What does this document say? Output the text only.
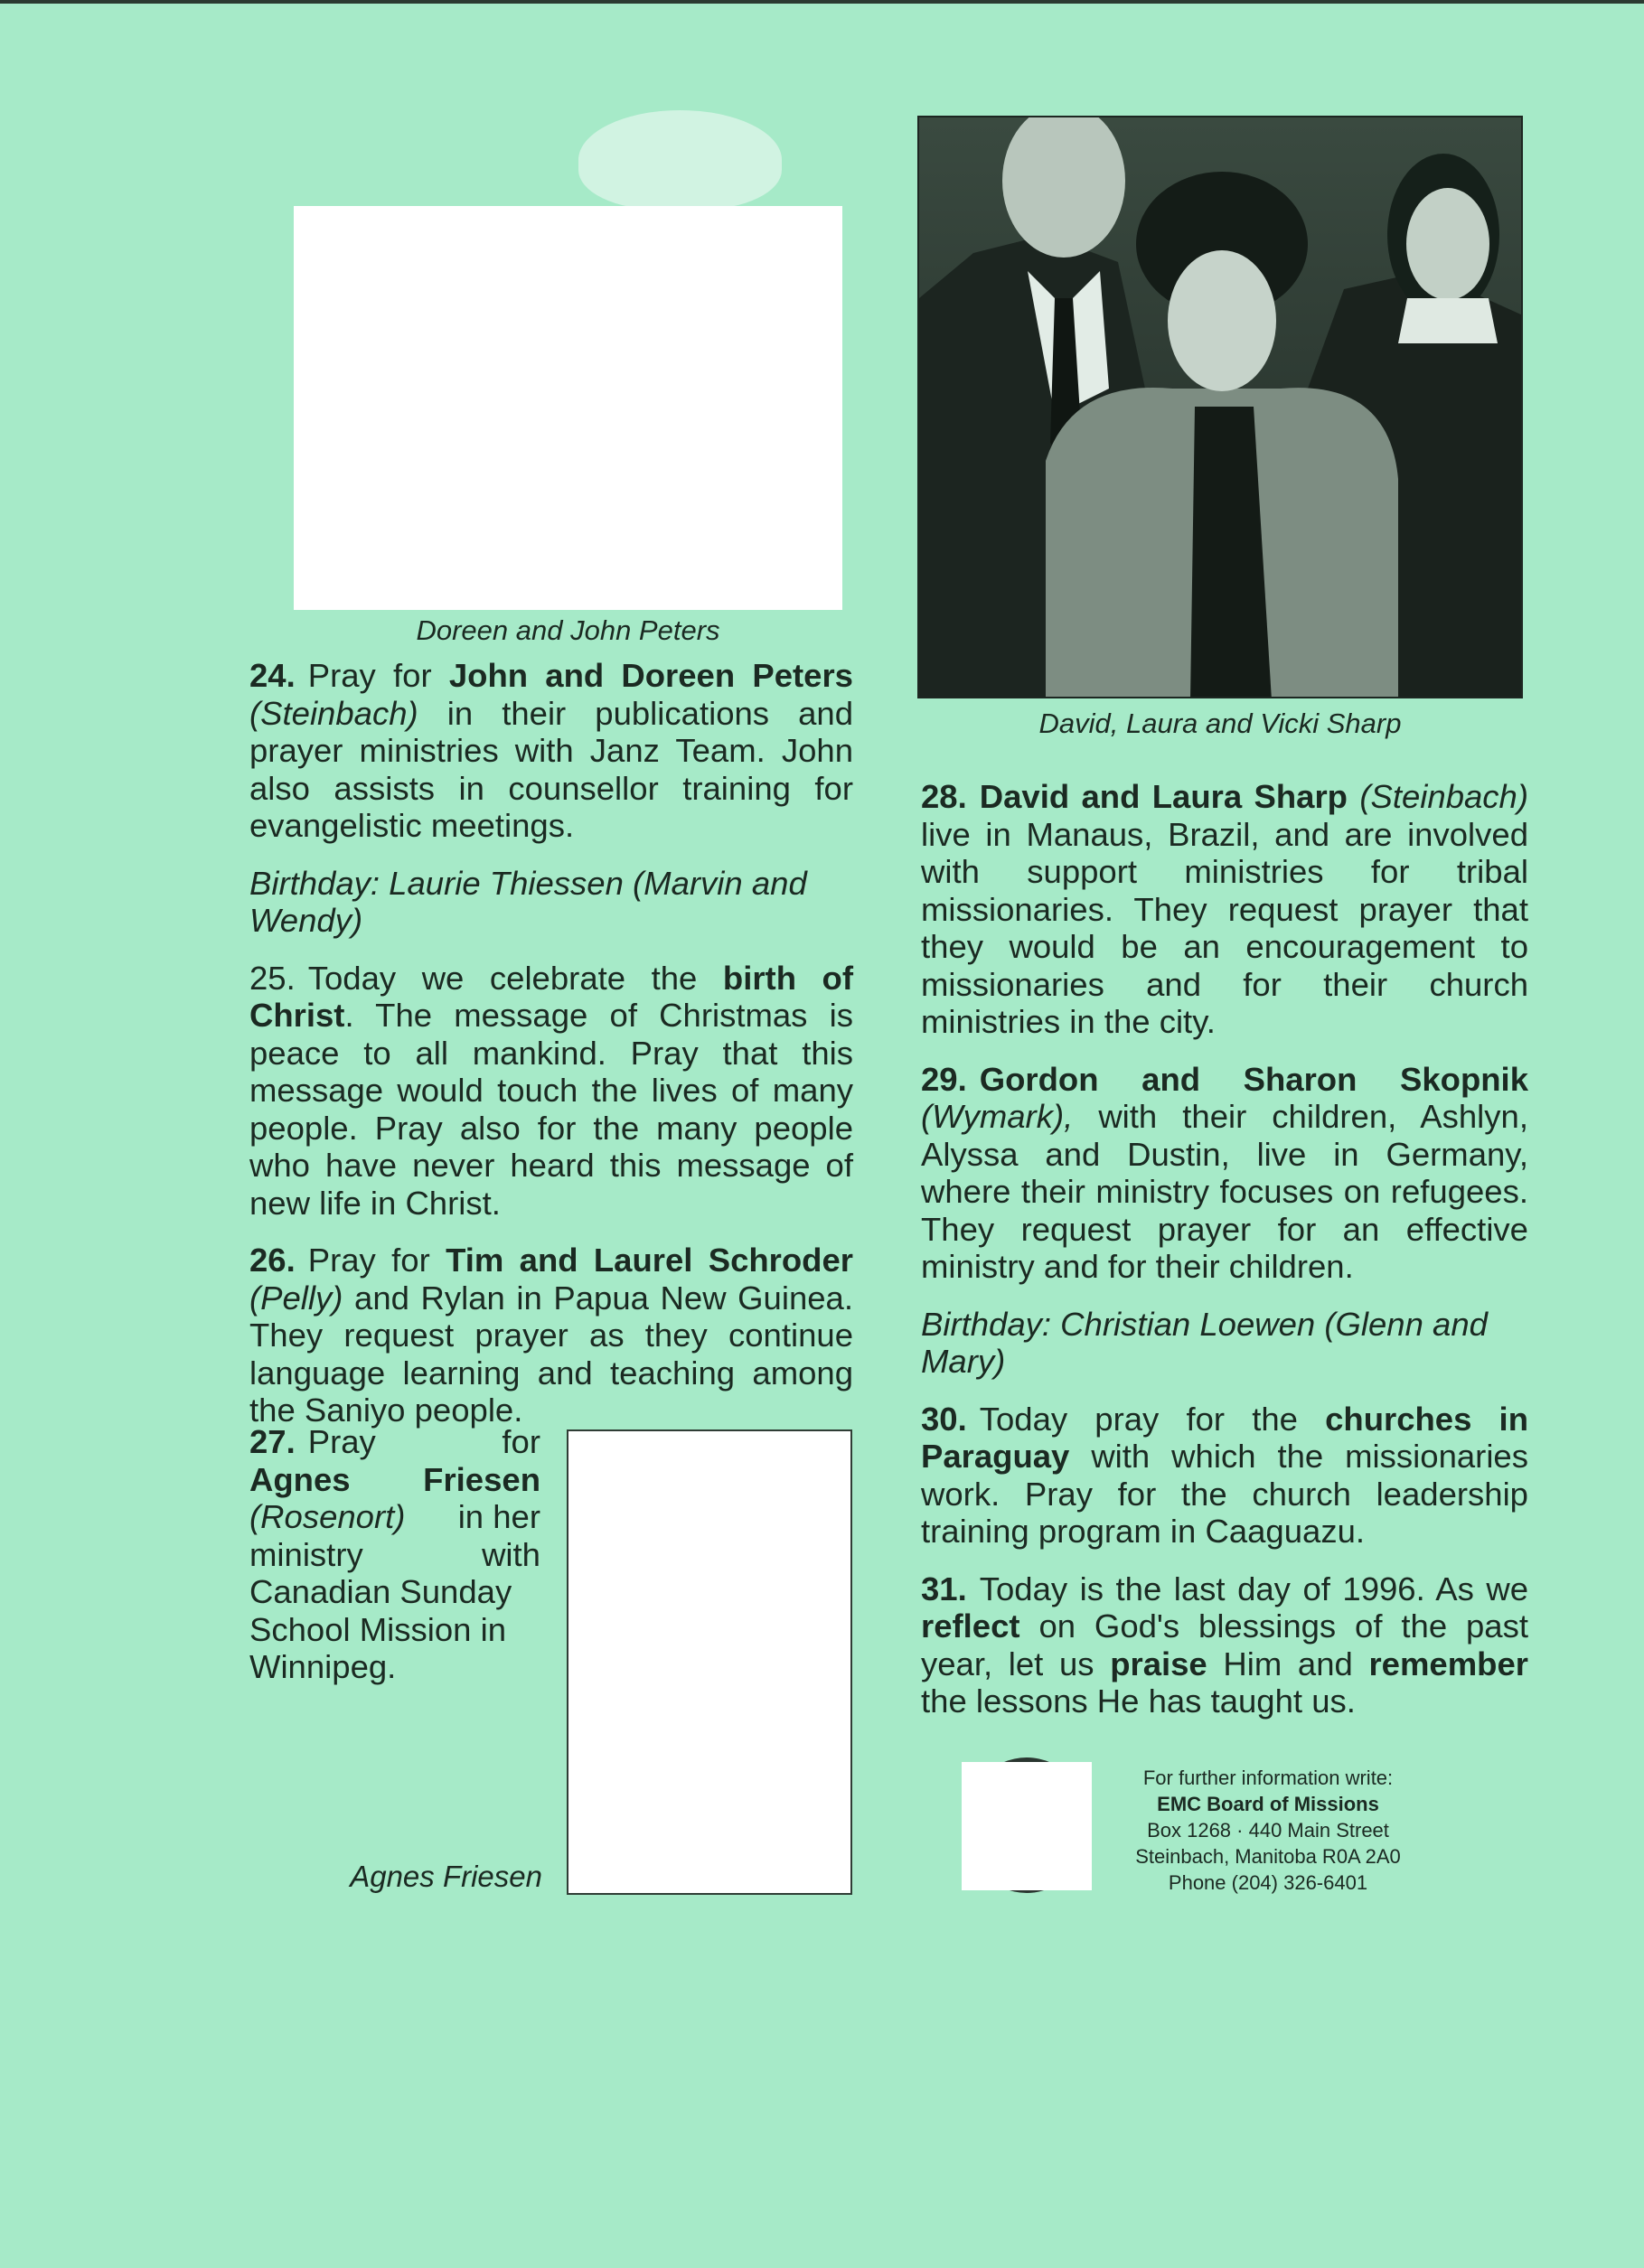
Doreen and John Peters
David, Laura and Vicki Sharp

24. Pray for John and Doreen Peters (Steinbach) in their publications and prayer ministries with Janz Team. John also assists in counsellor training for evangelistic meetings.

Birthday: Laurie Thiessen (Marvin and Wendy)

25. Today we celebrate the birth of Christ. The message of Christmas is peace to all mankind. Pray that this message would touch the lives of many people. Pray also for the many people who have never heard this message of new life in Christ.

26. Pray for Tim and Laurel Schroder (Pelly) and Rylan in Papua New Guinea. They request prayer as they continue language learning and teaching among the Saniyo people.

27. Pray	for
Agnes Friesen
(Rosenort) in her
ministry	with
Canadian Sunday
School Mission in
Winnipeg.
Agnes Friesen

28. David and Laura Sharp (Steinbach) live in Manaus, Brazil, and are involved with support ministries for tribal missionaries. They request prayer that they would be an encouragement to missionaries and for their church ministries in the city.

29. Gordon and Sharon Skopnik (Wymark), with their children, Ashlyn, Alyssa and Dustin, live in Germany, where their ministry focuses on refugees. They request prayer for an effective ministry and for their children.

Birthday: Christian Loewen (Glenn and Mary)

30. Today pray for the churches in Paraguay with which the missionaries work. Pray for the church leadership training program in Caaguazu.

31. Today is the last day of 1996. As we reflect on God's blessings of the past year, let us praise Him and remember the lessons He has taught us.

For further information write:
EMC Board of Missions
Box 1268 · 440 Main Street
Steinbach, Manitoba R0A 2A0
Phone (204) 326-6401
